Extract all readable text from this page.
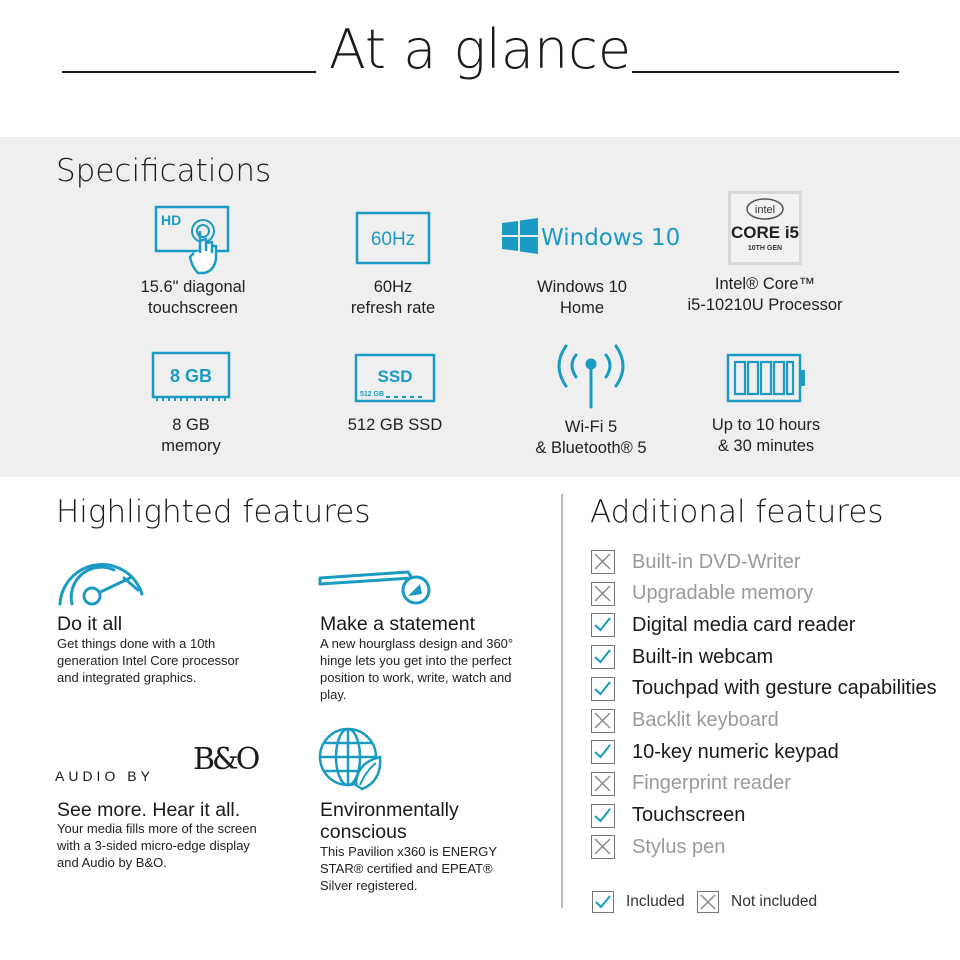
At a glance
Specifications
HD
15.6" diagonal
touchscreen
60Hz
60Hz
refresh rate
Windows 10
Windows 10
Home
intel
CORE i5
10TH GEN
Intel® Core™
i5-10210U Processor
8 GB
8 GB
memory
SSD
512 GB
512 GB SSD	Wi-Fi 5
& Bluetooth® 5
Up to 10 hours
& 30 minutes
Highlighted features
Do it all
Get things done with a 10th generation Intel Core processor and integrated graphics.
Make a statement
A new hourglass design and 360° hinge lets you get into the perfect position to work, write, watch and play.
AUDIO BY B&O
See more. Hear it all.
Your media fills more of the screen with a 3-sided micro-edge display and Audio by B&O.
Environmentally conscious
This Pavilion x360 is ENERGY STAR® certified and EPEAT® Silver registered.
Additional features
Built-in DVD-Writer
Upgradable memory
Digital media card reader
Built-in webcam
Touchpad with gesture capabilities
Backlit keyboard
10-key numeric keypad
Fingerprint reader
Touchscreen
Stylus pen
Included	Not included
